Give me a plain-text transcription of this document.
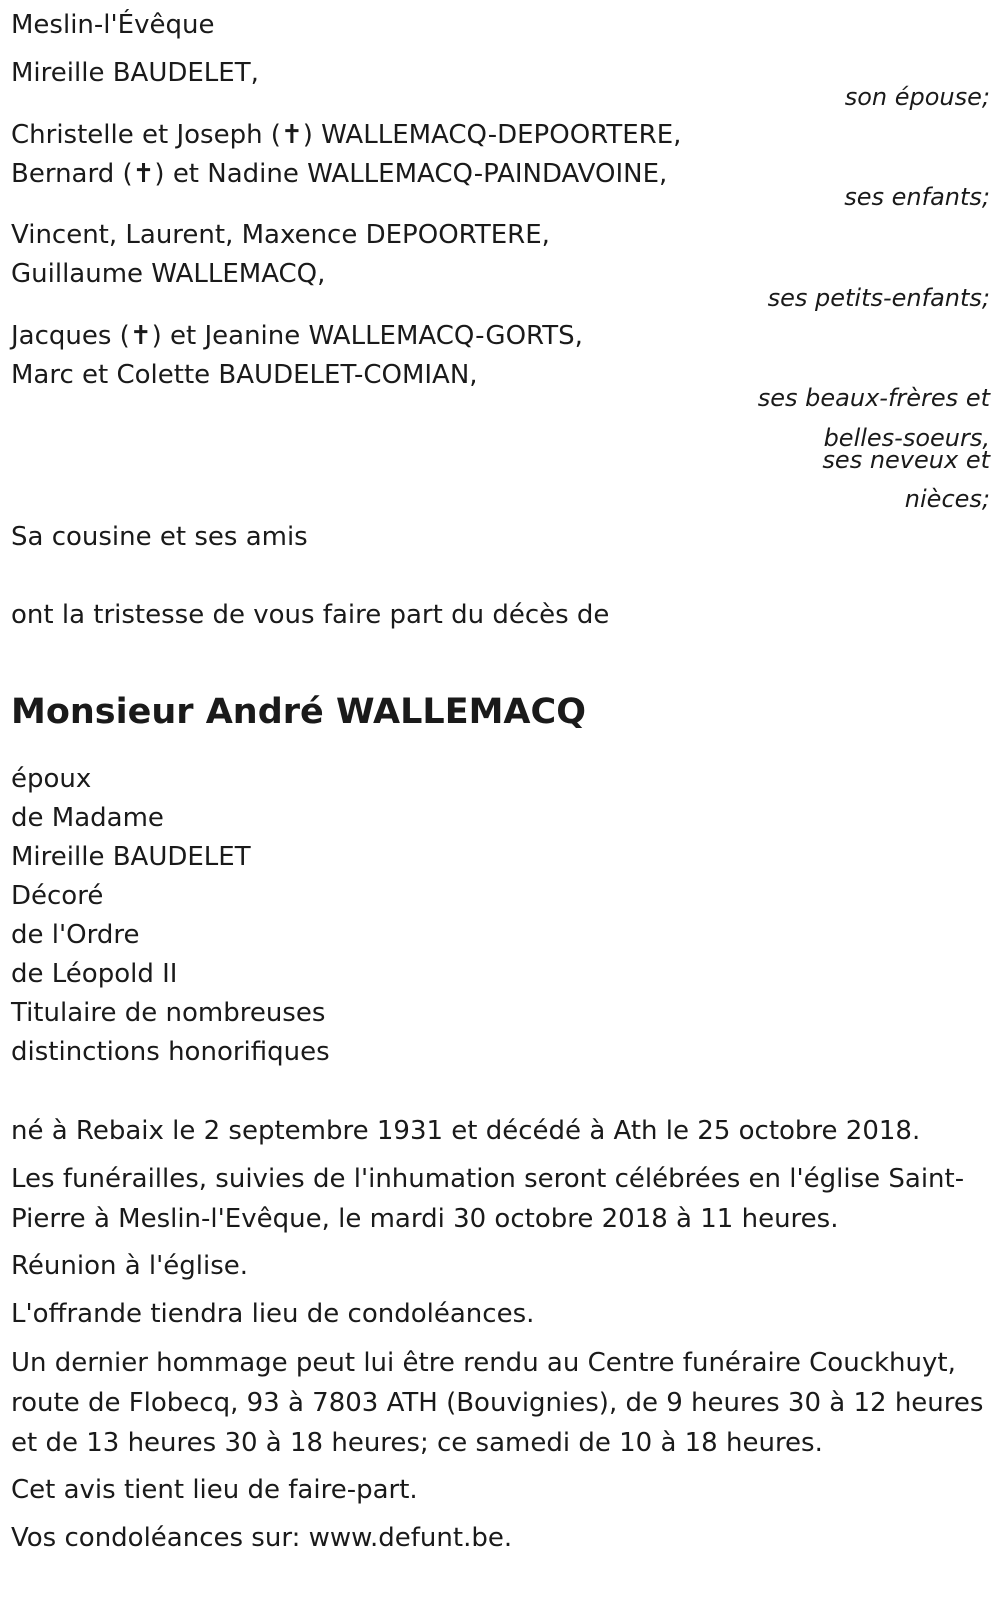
Meslin-l'Évêque
Mireille BAUDELET,
son épouse;
Christelle et Joseph (✝) WALLEMACQ-DEPOORTERE,
Bernard (✝) et Nadine WALLEMACQ-PAINDAVOINE,
ses enfants;
Vincent, Laurent, Maxence DEPOORTERE,
Guillaume WALLEMACQ,
ses petits-enfants;
Jacques (✝) et Jeanine WALLEMACQ-GORTS,
Marc et Colette BAUDELET-COMIAN,
ses beaux-frères et
belles-soeurs,
ses neveux et
nièces;
Sa cousine et ses amis
ont la tristesse de vous faire part du décès de
Monsieur André WALLEMACQ
époux
de Madame
Mireille BAUDELET
Décoré
de l'Ordre
de Léopold II
Titulaire de nombreuses
distinctions honorifiques
né à Rebaix le 2 septembre 1931 et décédé à Ath le 25 octobre 2018.
Les funérailles, suivies de l'inhumation seront célébrées en l'église Saint-Pierre à Meslin-l'Evêque, le mardi 30 octobre 2018 à 11 heures.
Réunion à l'église.
L'offrande tiendra lieu de condoléances.
Un dernier hommage peut lui être rendu au Centre funéraire Couckhuyt, route de Flobecq, 93 à 7803 ATH (Bouvignies), de 9 heures 30 à 12 heures et de 13 heures 30 à 18 heures; ce samedi de 10 à 18 heures.
Cet avis tient lieu de faire-part.
Vos condoléances sur: www.defunt.be.
